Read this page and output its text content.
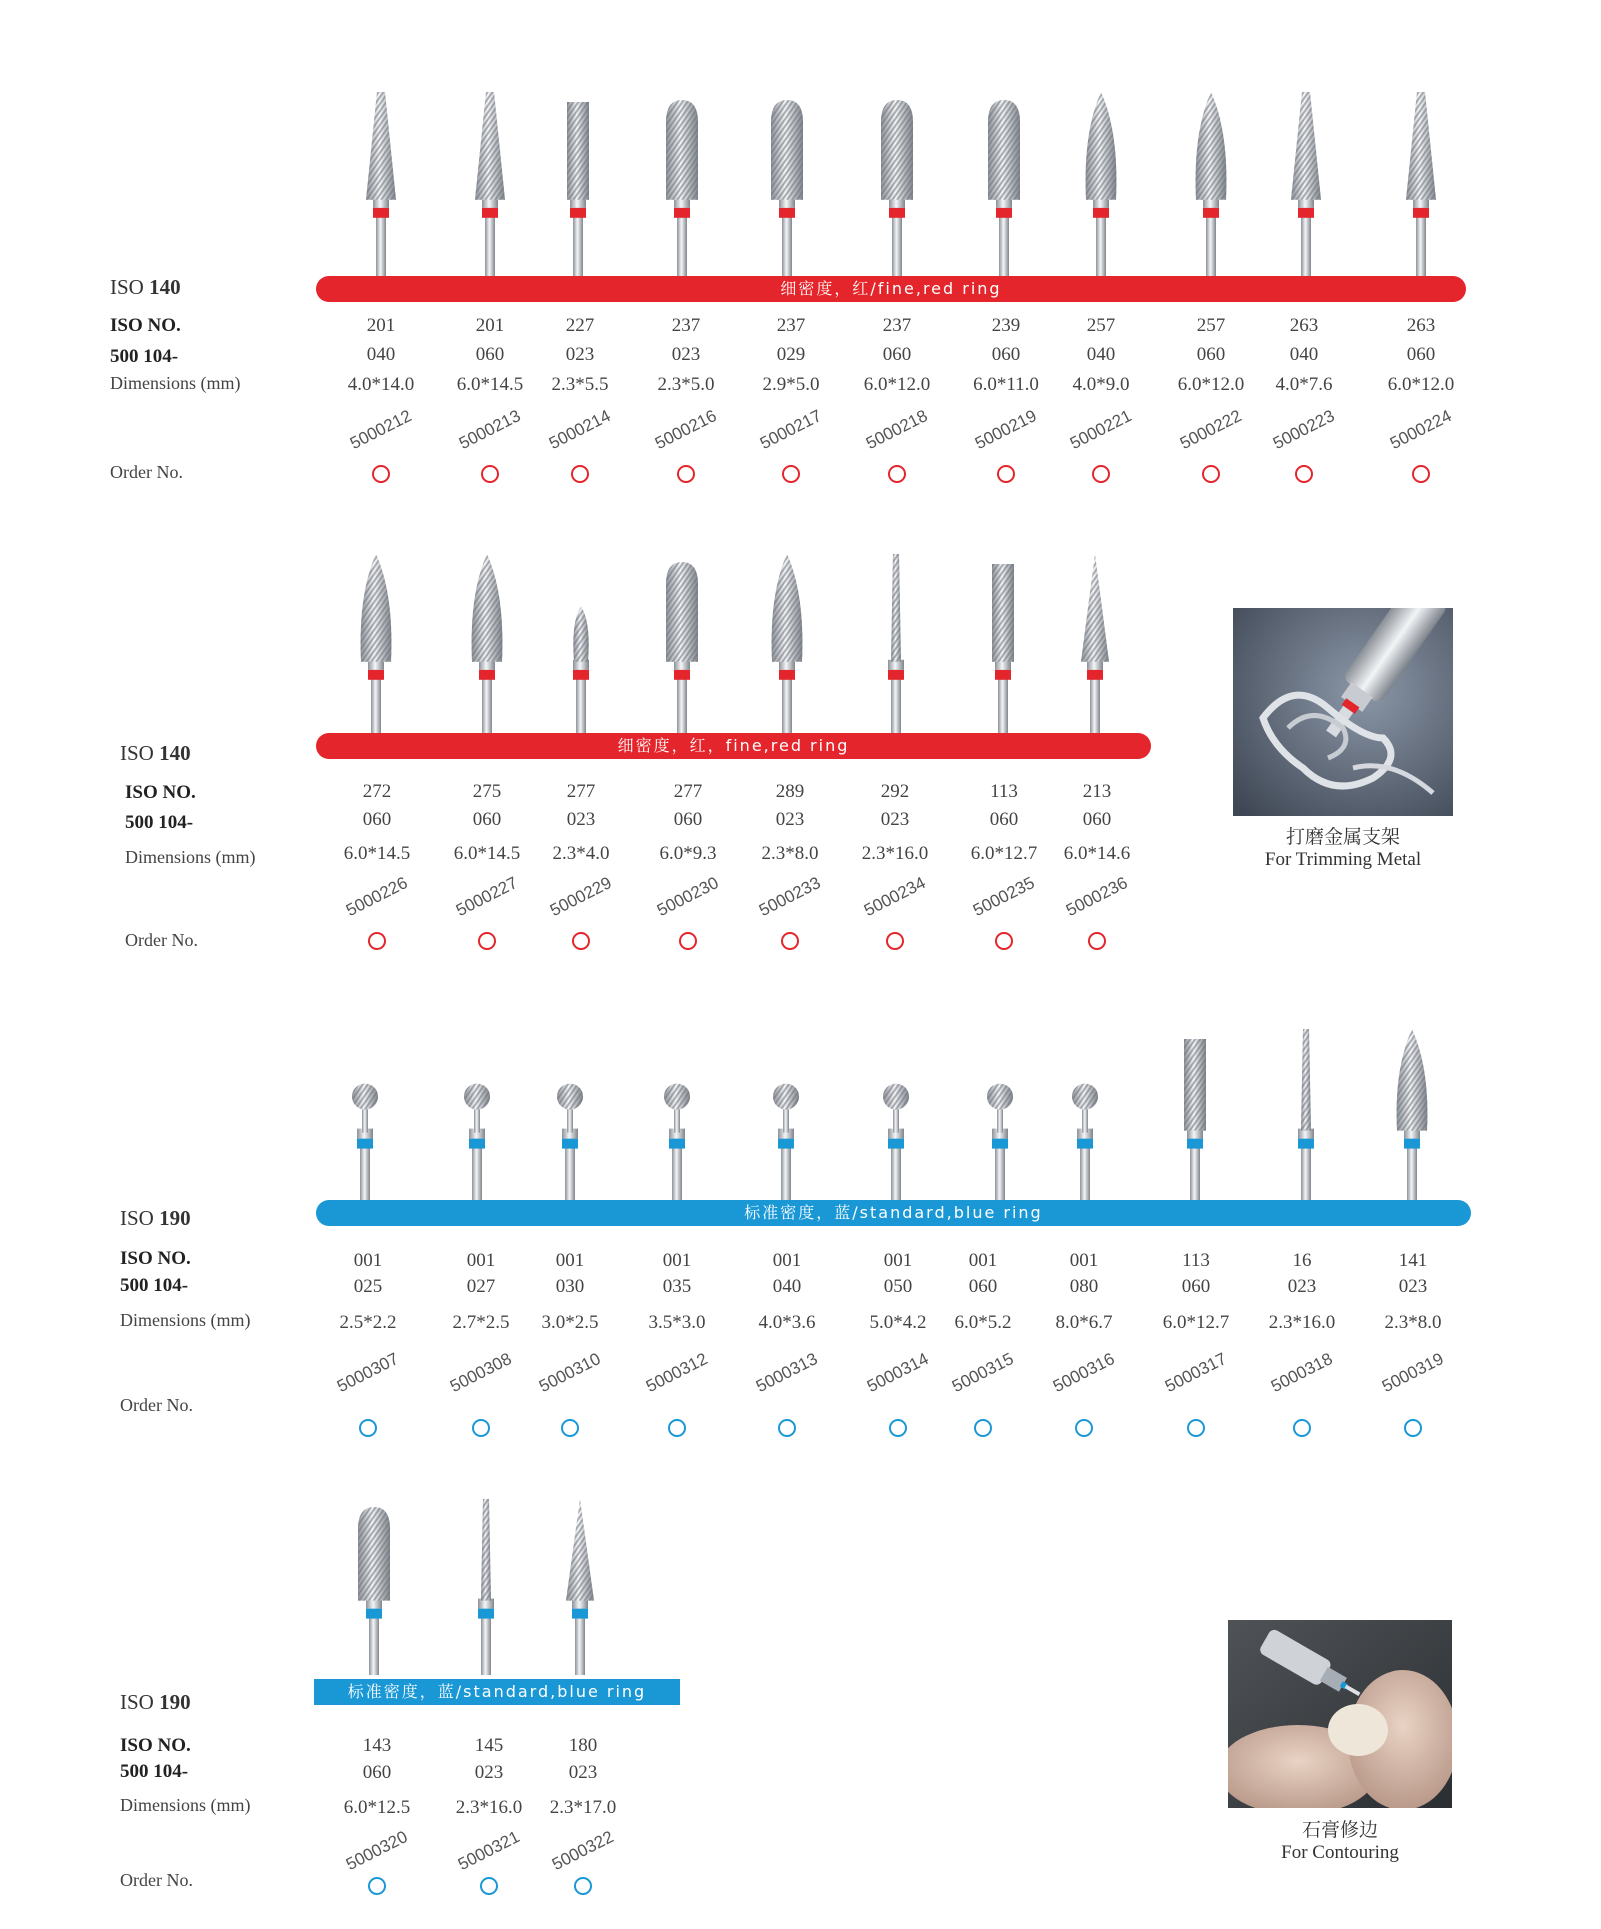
细密度，红/fine,red ring
ISO 140
ISO NO.
500 104-
Dimensions (mm)
Order No.
201
040
4.0*14.0
5000212
201
060
6.0*14.5
5000213
227
023
2.3*5.5
5000214
237
023
2.3*5.0
5000216
237
029
2.9*5.0
5000217
237
060
6.0*12.0
5000218
239
060
6.0*11.0
5000219
257
040
4.0*9.0
5000221
257
060
6.0*12.0
5000222
263
040
4.0*7.6
5000223
263
060
6.0*12.0
5000224
细密度，红，fine,red ring
ISO 140
ISO NO.
500 104-
Dimensions (mm)
Order No.
打磨金属支架
For Trimming Metal
272
060
6.0*14.5
5000226
275
060
6.0*14.5
5000227
277
023
2.3*4.0
5000229
277
060
6.0*9.3
5000230
289
023
2.3*8.0
5000233
292
023
2.3*16.0
5000234
113
060
6.0*12.7
5000235
213
060
6.0*14.6
5000236
标准密度，蓝/standard,blue ring
ISO 190
ISO NO.
500 104-
Dimensions (mm)
Order No.
001
025
2.5*2.2
5000307
001
027
2.7*2.5
5000308
001
030
3.0*2.5
5000310
001
035
3.5*3.0
5000312
001
040
4.0*3.6
5000313
001
050
5.0*4.2
5000314
001
060
6.0*5.2
5000315
001
080
8.0*6.7
5000316
113
060
6.0*12.7
5000317
16
023
2.3*16.0
5000318
141
023
2.3*8.0
5000319
标准密度，蓝/standard,blue ring
ISO 190
ISO NO.
500 104-
Dimensions (mm)
Order No.
石膏修边
For Contouring
143
060
6.0*12.5
5000320
145
023
2.3*16.0
5000321
180
023
2.3*17.0
5000322
